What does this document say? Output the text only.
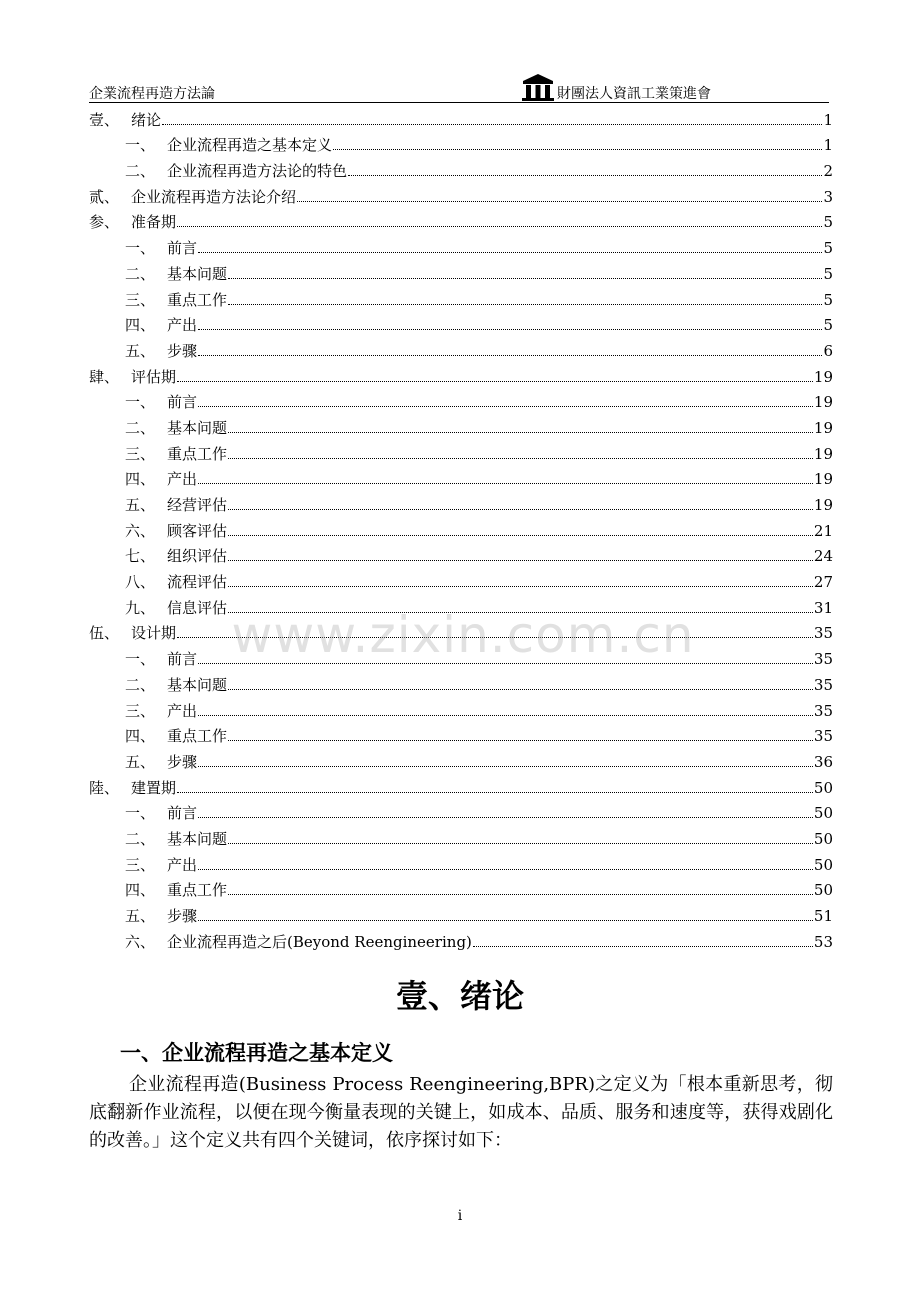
企業流程再造方法論	財團法人資訊工業策進會
壹、 绪论	1
一、 企业流程再造之基本定义	1
二、 企业流程再造方法论的特色	2
贰、 企业流程再造方法论介绍	3
参、 准备期	5
一、 前言	5
二、 基本问题	5
三、 重点工作	5
四、 产出	5
五、 步骤	6
肆、 评估期	19
一、 前言	19
二、 基本问题	19
三、 重点工作	19
四、 产出	19
五、 经营评估	19
六、 顾客评估	21
七、 组织评估	24
八、 流程评估	27
九、 信息评估	31
伍、 设计期	35
一、 前言	35
二、 基本问题	35
三、 产出	35
四、 重点工作	35
五、 步骤	36
陸、 建置期	50
一、 前言	50
二、 基本问题	50
三、 产出	50
四、 重点工作	50
五、 步骤	51
六、 企业流程再造之后(Beyond Reengineering)	53
www.zixin.com.cn
壹、绪论
一、企业流程再造之基本定义
企业流程再造(Business Process Reengineering,BPR)之定义为「根本重新思考，彻底翻新作业流程，以便在现今衡量表现的关键上，如成本、品质、服务和速度等，获得戏剧化的改善。」这个定义共有四个关键词，依序探讨如下：
i
